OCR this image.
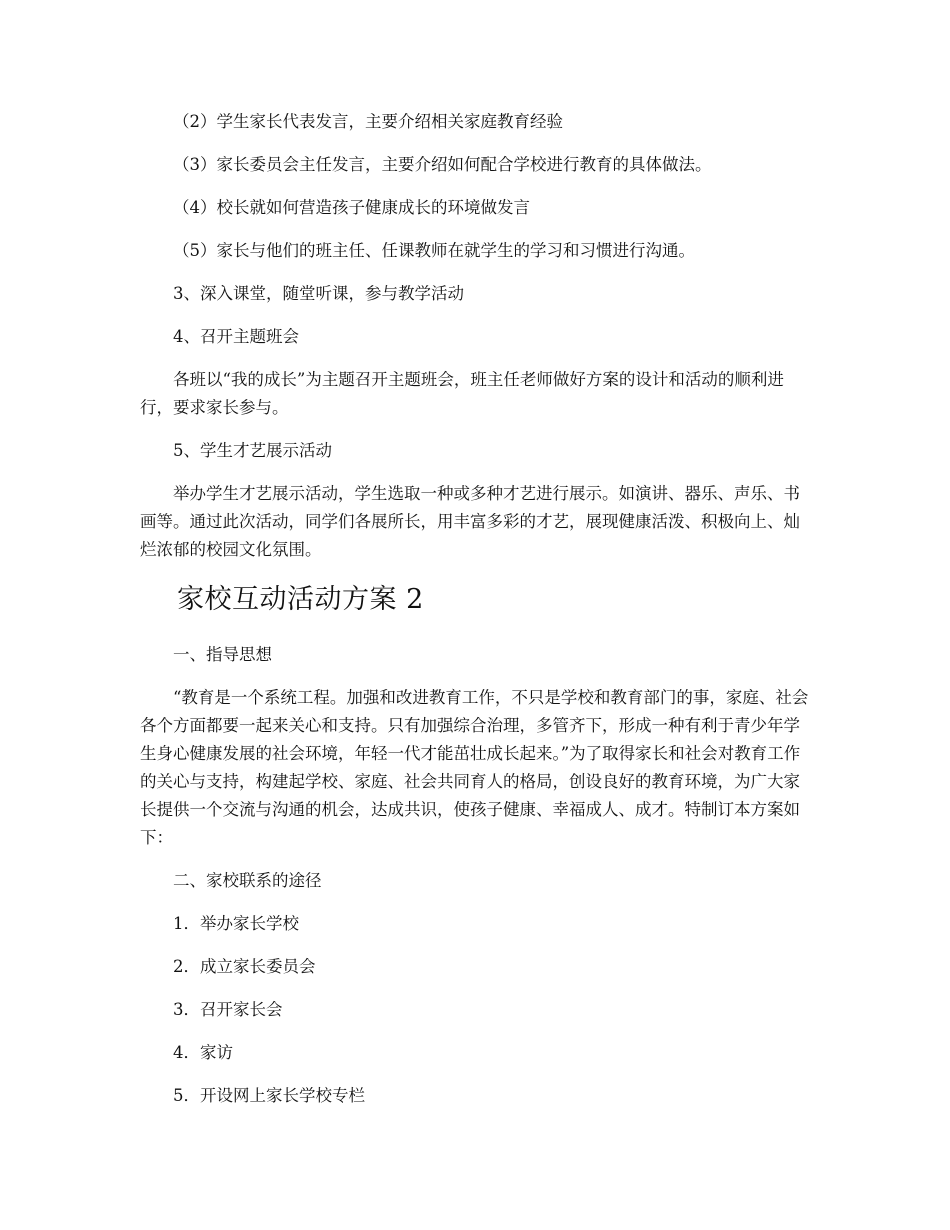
（2）学生家长代表发言，主要介绍相关家庭教育经验

（3）家长委员会主任发言，主要介绍如何配合学校进行教育的具体做法。

（4）校长就如何营造孩子健康成长的环境做发言

（5）家长与他们的班主任、任课教师在就学生的学习和习惯进行沟通。

3、深入课堂，随堂听课，参与教学活动

4、召开主题班会

各班以“我的成长”为主题召开主题班会，班主任老师做好方案的设计和活动的顺利进行，要求家长参与。

5、学生才艺展示活动

举办学生才艺展示活动，学生选取一种或多种才艺进行展示。如演讲、器乐、声乐、书画等。通过此次活动，同学们各展所长，用丰富多彩的才艺，展现健康活泼、积极向上、灿烂浓郁的校园文化氛围。

家校互动活动方案 2

一、指导思想

“教育是一个系统工程。加强和改进教育工作，不只是学校和教育部门的事，家庭、社会各个方面都要一起来关心和支持。只有加强综合治理，多管齐下，形成一种有利于青少年学生身心健康发展的社会环境，年轻一代才能茁壮成长起来。”为了取得家长和社会对教育工作的关心与支持，构建起学校、家庭、社会共同育人的格局，创设良好的教育环境，为广大家长提供一个交流与沟通的机会，达成共识，使孩子健康、幸福成人、成才。特制订本方案如下：

二、家校联系的途径

1．举办家长学校

2．成立家长委员会

3．召开家长会

4．家访

5．开设网上家长学校专栏
